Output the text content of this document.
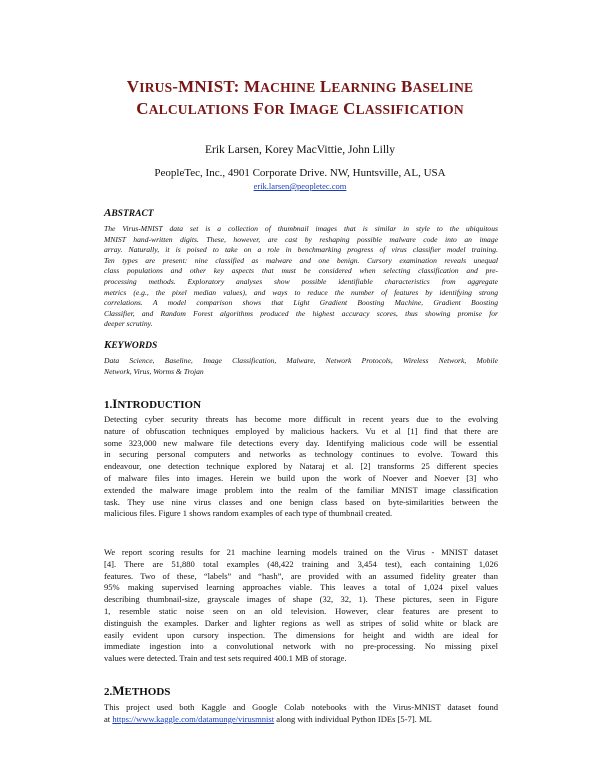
VIRUS-MNIST: MACHINE LEARNING BASELINE
CALCULATIONS FOR IMAGE CLASSIFICATION
Erik Larsen, Korey MacVittie, John Lilly
PeopleTec, Inc., 4901 Corporate Drive. NW, Huntsville, AL, USA
erik.larsen@peopletec.com
ABSTRACT
The Virus-MNIST data set is a collection of thumbnail images that is similar in style to the ubiquitous
MNIST hand-written digits. These, however, are cast by reshaping possible malware code into an image
array. Naturally, it is poised to take on a role in benchmarking progress of virus classifier model training.
Ten types are present: nine classified as malware and one benign. Cursory examination reveals unequal
class populations and other key aspects that must be considered when selecting classification and pre-
processing methods. Exploratory analyses show possible identifiable characteristics from aggregate
metrics (e.g., the pixel median values), and ways to reduce the number of features by identifying strong
correlations. A model comparison shows that Light Gradient Boosting Machine, Gradient Boosting
Classifier, and Random Forest algorithms produced the highest accuracy scores, thus showing promise for
deeper scrutiny.
KEYWORDS
Data Science, Baseline, Image Classification, Malware, Network Protocols, Wireless Network, Mobile
Network, Virus, Worms & Trojan
1.INTRODUCTION
Detecting cyber security threats has become more difficult in recent years due to the evolving
nature of obfuscation techniques employed by malicious hackers. Vu et al [1] find that there are
some 323,000 new malware file detections every day. Identifying malicious code will be essential
in securing personal computers and networks as technology continues to evolve. Toward this
endeavour, one detection technique explored by Nataraj et al. [2] transforms 25 different species
of malware files into images. Herein we build upon the work of Noever and Noever [3] who
extended the malware image problem into the realm of the familiar MNIST image classification
task. They use nine virus classes and one benign class based on byte-similarities between the
malicious files. Figure 1 shows random examples of each type of thumbnail created.
We report scoring results for 21 machine learning models trained on the Virus - MNIST dataset
[4]. There are 51,880 total examples (48,422 training and 3,454 test), each containing 1,026
features. Two of these, “labels” and “hash”, are provided with an assumed fidelity greater than
95% making supervised learning approaches viable. This leaves a total of 1,024 pixel values
describing thumbnail-size, grayscale images of shape (32, 32, 1). These pictures, seen in Figure
1, resemble static noise seen on an old television. However, clear features are present to
distinguish the examples. Darker and lighter regions as well as stripes of solid white or black are
easily evident upon cursory inspection. The dimensions for height and width are ideal for
immediate ingestion into a convolutional network with no pre-processing. No missing pixel
values were detected. Train and test sets required 400.1 MB of storage.
2.METHODS
This project used both Kaggle and Google Colab notebooks with the Virus-MNIST dataset found
at https://www.kaggle.com/datamunge/virusmnist along with individual Python IDEs [5-7]. ML
